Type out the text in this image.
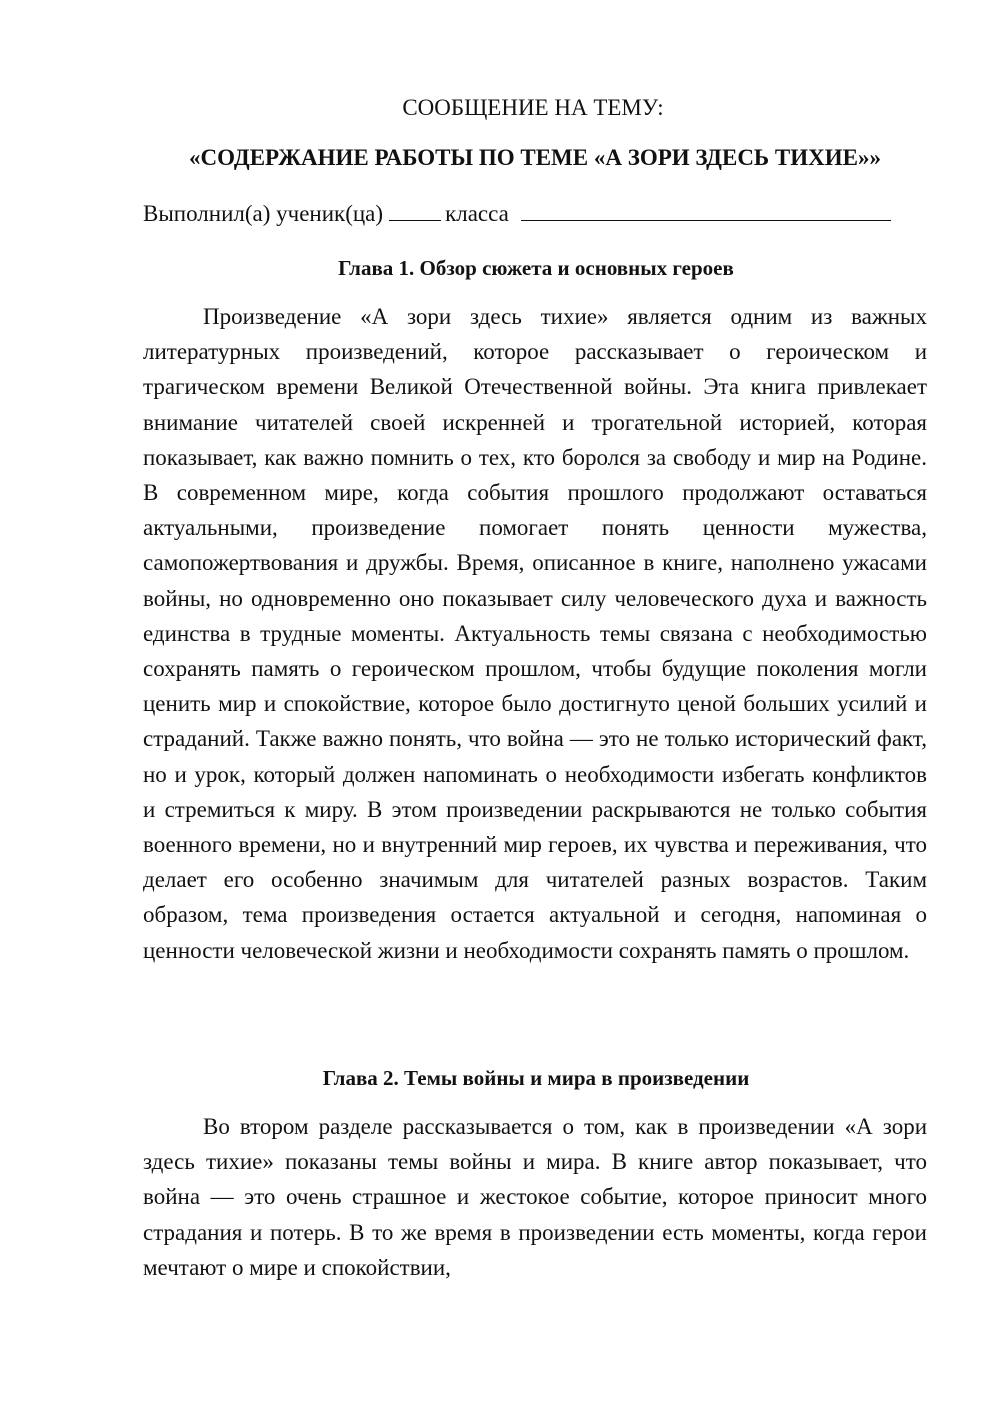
СООБЩЕНИЕ НА ТЕМУ:
«СОДЕРЖАНИЕ РАБОТЫ ПО ТЕМЕ «А ЗОРИ ЗДЕСЬ ТИХИЕ»»
Выполнил(а) ученик(ца)	класса
Глава 1. Обзор сюжета и основных героев

Произведение «А зори здесь тихие» является одним из важных литературных произведений, которое рассказывает о героическом и трагическом времени Великой Отечественной войны. Эта книга привлекает внимание читателей своей искренней и трогательной историей, которая показывает, как важно помнить о тех, кто боролся за свободу и мир на Родине. В современном мире, когда события прошлого продолжают оставаться актуальными, произведение помогает понять ценности мужества, самопожертвования и дружбы. Время, описанное в книге, наполнено ужасами войны, но одновременно оно показывает силу человеческого духа и важность единства в трудные моменты. Актуальность темы связана с необходимостью сохранять память о героическом прошлом, чтобы будущие поколения могли ценить мир и спокойствие, которое было достигнуто ценой больших усилий и страданий. Также важно понять, что война — это не только исторический факт, но и урок, который должен напоминать о необходимости избегать конфликтов и стремиться к миру. В этом произведении раскрываются не только события военного времени, но и внутренний мир героев, их чувства и переживания, что делает его особенно значимым для читателей разных возрастов. Таким образом, тема произведения остается актуальной и сегодня, напоминая о ценности человеческой жизни и необходимости сохранять память о прошлом.

Глава 2. Темы войны и мира в произведении

Во втором разделе рассказывается о том, как в произведении «А зори здесь тихие» показаны темы войны и мира. В книге автор показывает, что война — это очень страшное и жестокое событие, которое приносит много страдания и потерь. В то же время в произведении есть моменты, когда герои мечтают о мире и спокойствии,
